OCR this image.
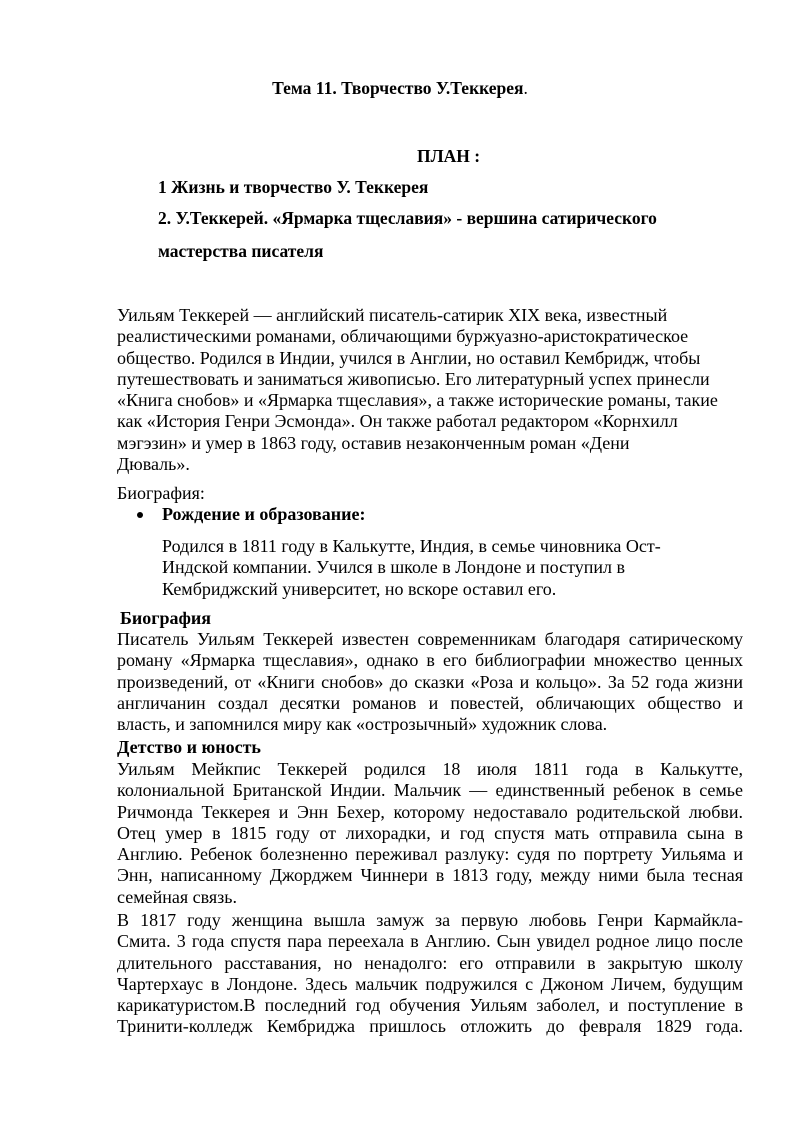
Тема 11. Творчество У.Теккерея.
ПЛАН :
1 Жизнь и творчество У. Теккерея
2. У.Теккерей. «Ярмарка тщеславия» - вершина сатирического
мастерства писателя
Уильям Теккерей — английский писатель-сатирик XIX века, известный
реалистическими романами, обличающими буржуазно-аристократическое
общество. Родился в Индии, учился в Англии, но оставил Кембридж, чтобы
путешествовать и заниматься живописью. Его литературный успех принесли
«Книга снобов» и «Ярмарка тщеславия», а также исторические романы, такие
как «История Генри Эсмонда». Он также работал редактором «Корнхилл
мэгэзин» и умер в 1863 году, оставив незаконченным роман «Дени
Дюваль».
Биография:
Рождение и образование:
Родился в 1811 году в Калькутте, Индия, в семье чиновника Ост-
Индской компании. Учился в школе в Лондоне и поступил в
Кембриджский университет, но вскоре оставил его.
Биография
Писатель Уильям Теккерей известен современникам благодаря сатирическому
роману «Ярмарка тщеславия», однако в его библиографии множество ценных
произведений, от «Книги снобов» до сказки «Роза и кольцо». За 52 года жизни
англичанин создал десятки романов и повестей, обличающих общество и
власть, и запомнился миру как «острозычный» художник слова.
Детство и юность
Уильям Мейкпис Теккерей родился 18 июля 1811 года в Калькутте,
колониальной Британской Индии. Мальчик — единственный ребенок в семье
Ричмонда Теккерея и Энн Бехер, которому недоставало родительской любви.
Отец умер в 1815 году от лихорадки, и год спустя мать отправила сына в
Англию. Ребенок болезненно переживал разлуку: судя по портрету Уильяма и
Энн, написанному Джорджем Чиннери в 1813 году, между ними была тесная
семейная связь.
В 1817 году женщина вышла замуж за первую любовь Генри Кармайкла-
Смита. 3 года спустя пара переехала в Англию. Сын увидел родное лицо после
длительного расставания, но ненадолго: его отправили в закрытую школу
Чартерхаус в Лондоне. Здесь мальчик подружился с Джоном Личем, будущим
карикатуристом.В последний год обучения Уильям заболел, и поступление в
Тринити-колледж Кембриджа пришлось отложить до февраля 1829 года.
